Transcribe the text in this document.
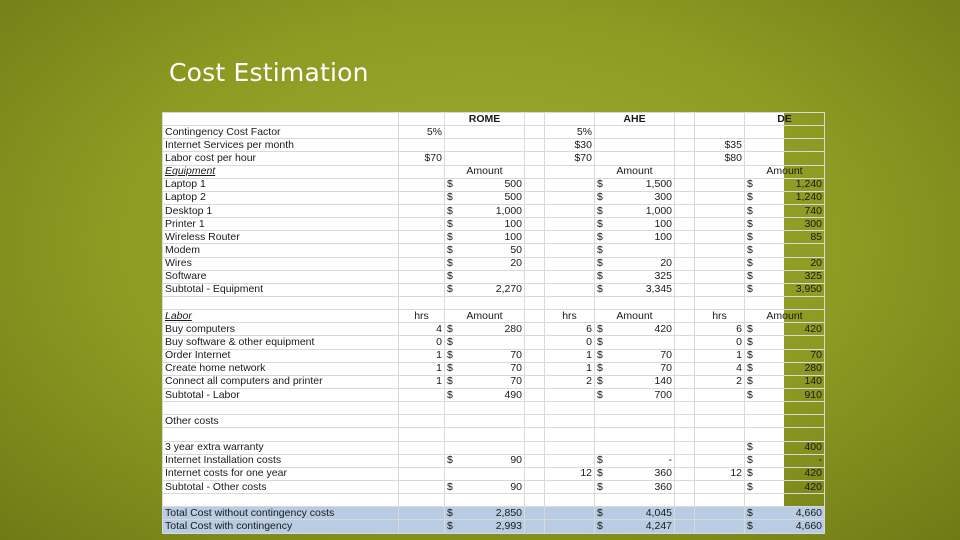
Cost Estimation
		ROME			AHE			DE
Contingency Cost Factor	5%			5%				
Internet Services per month				$30			$35	
Labor cost per hour	$70			$70			$80	
Equipment		Amount			Amount			Amount
Laptop 1		$ 500			$ 1,500			$ 1,240

Laptop 2		$ 500			$ 300			$ 1,240

Desktop 1		$ 1,000			$ 1,000			$ 740

Printer 1		$ 100			$ 100			$ 300

Wireless Router		$ 100			$ 100			$ 85

Modem		$ 50			$			$

Wires		$ 20			$ 20			$ 20

Software		$			$ 325			$ 325

Subtotal - Equipment		$ 2,270			$ 3,345			$ 3,950

Labor	hrs	Amount		hrs	Amount		hrs	Amount
Buy computers	4	$ 280		6	$ 420		6	$ 420

Buy software & other equipment	0	$		0	$		0	$

Order Internet	1	$ 70		1	$ 70		1	$ 70

Create home network	1	$ 70		1	$ 70		4	$ 280

Connect all computers and printer	1	$ 70		2	$ 140		2	$ 140

Subtotal - Labor		$ 490			$ 700			$ 910

Other costs								

3 year extra warranty								$ 400

Internet Installation costs		$ 90			$ -			$ -

Internet costs for one year				12	$ 360		12	$ 420

Subtotal - Other costs		$ 90			$ 360			$ 420

Total Cost without contingency costs		$ 2,850			$ 4,045			$ 4,660

Total Cost with contingency		$ 2,993			$ 4,247			$ 4,660
